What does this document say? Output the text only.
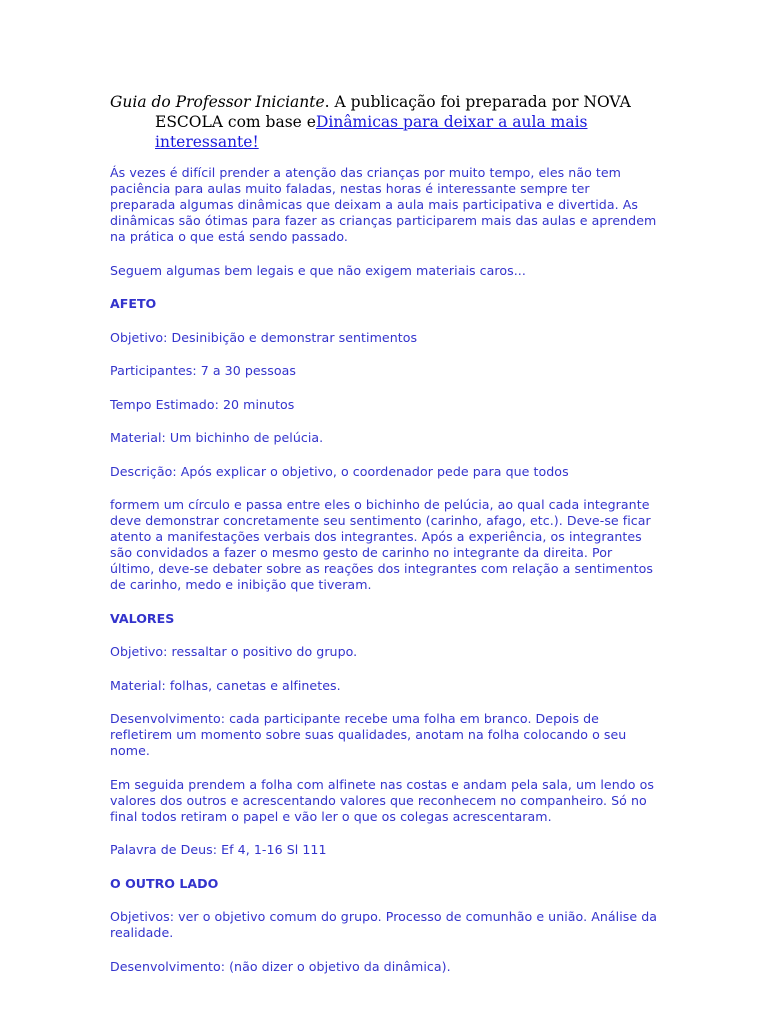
Guia do Professor Iniciante. A publicação foi preparada por NOVA
ESCOLA com base eDinâmicas para deixar a aula mais interessante!

Ás vezes é difícil prender a atenção das crianças por muito tempo, eles não tem paciência para aulas muito faladas, nestas horas é interessante sempre ter preparada algumas dinâmicas que deixam a aula mais participativa e divertida. As dinâmicas são ótimas para fazer as crianças participarem mais das aulas e aprendem na prática o que está sendo passado.

Seguem algumas bem legais e que não exigem materiais caros...

AFETO

Objetivo: Desinibição e demonstrar sentimentos

Participantes: 7 a 30 pessoas

Tempo Estimado: 20 minutos

Material: Um bichinho de pelúcia.

Descrição: Após explicar o objetivo, o coordenador pede para que todos

formem um círculo e passa entre eles o bichinho de pelúcia, ao qual cada integrante deve demonstrar concretamente seu sentimento (carinho, afago, etc.). Deve-se ficar atento a manifestações verbais dos integrantes. Após a experiência, os integrantes são convidados a fazer o mesmo gesto de carinho no integrante da direita. Por último, deve-se debater sobre as reações dos integrantes com relação a sentimentos de carinho, medo e inibição que tiveram.

VALORES

Objetivo: ressaltar o positivo do grupo.

Material: folhas, canetas e alfinetes.

Desenvolvimento: cada participante recebe uma folha em branco. Depois de refletirem um momento sobre suas qualidades, anotam na folha colocando o seu nome.

Em seguida prendem a folha com alfinete nas costas e andam pela sala, um lendo os valores dos outros e acrescentando valores que reconhecem no companheiro. Só no final todos retiram o papel e vão ler o que os colegas acrescentaram.

Palavra de Deus: Ef 4, 1-16 Sl 111

O OUTRO LADO

Objetivos: ver o objetivo comum do grupo. Processo de comunhão e união. Análise da realidade.

Desenvolvimento: (não dizer o objetivo da dinâmica).
